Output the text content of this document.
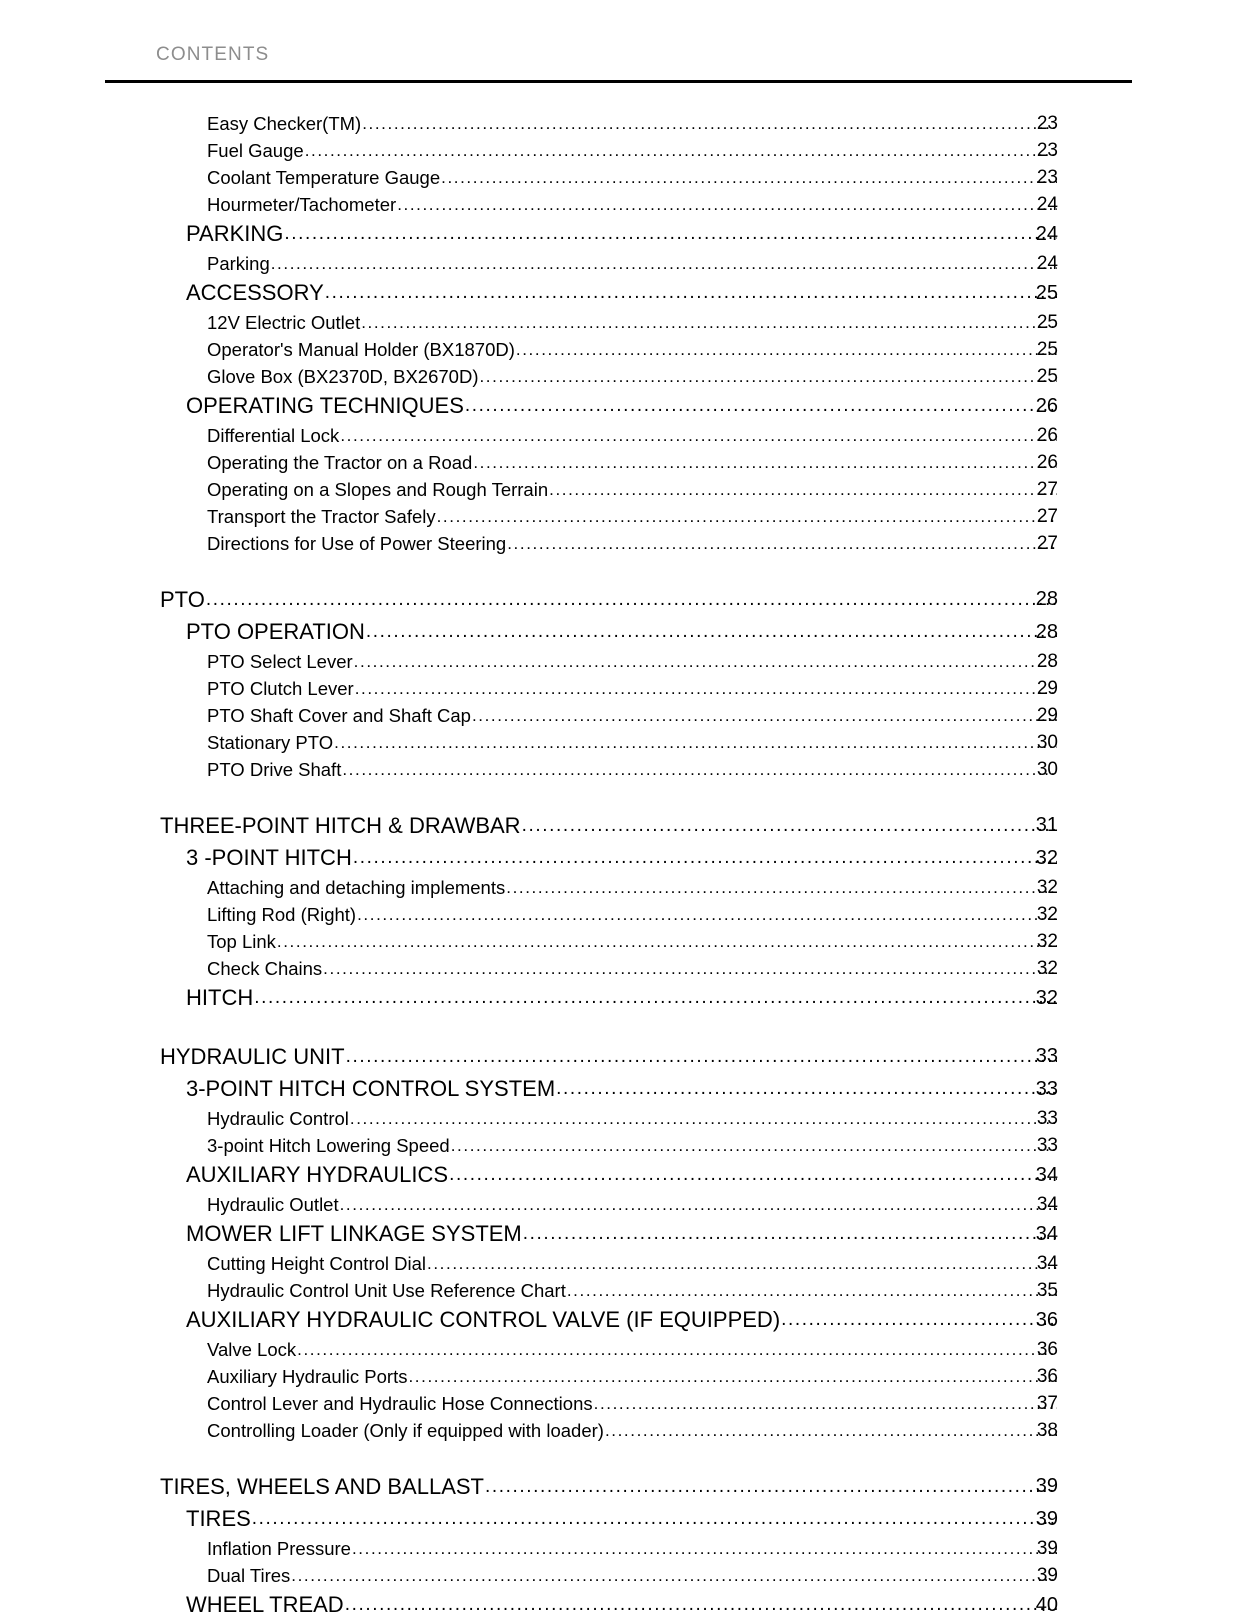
CONTENTS
Easy Checker(TM) .....	23
Fuel Gauge .....	23
Coolant Temperature Gauge .....	23
Hourmeter/Tachometer .....	24
PARKING .....	24
Parking .....	24
ACCESSORY .....	25
12V Electric Outlet .....	25
Operator's Manual Holder (BX1870D) .....	25
Glove Box (BX2370D, BX2670D) .....	25
OPERATING TECHNIQUES .....	26
Differential Lock .....	26
Operating the Tractor on a Road .....	26
Operating on a Slopes and Rough Terrain .....	27
Transport the Tractor Safely .....	27
Directions for Use of Power Steering .....	27
PTO .....	28
PTO OPERATION .....	28
PTO Select Lever .....	28
PTO Clutch Lever .....	29
PTO Shaft Cover and Shaft Cap .....	29
Stationary PTO .....	30
PTO Drive Shaft .....	30
THREE-POINT HITCH & DRAWBAR .....	31
3 -POINT HITCH .....	32
Attaching and detaching implements .....	32
Lifting Rod (Right) .....	32
Top Link .....	32
Check Chains .....	32
HITCH .....	32
HYDRAULIC UNIT .....	33
3-POINT HITCH CONTROL SYSTEM .....	33
Hydraulic Control .....	33
3-point Hitch Lowering Speed .....	33
AUXILIARY HYDRAULICS .....	34
Hydraulic Outlet .....	34
MOWER LIFT LINKAGE SYSTEM .....	34
Cutting Height Control Dial .....	34
Hydraulic Control Unit Use Reference Chart .....	35
AUXILIARY HYDRAULIC CONTROL VALVE (IF EQUIPPED) .....	36
Valve Lock .....	36
Auxiliary Hydraulic Ports .....	36
Control Lever and Hydraulic Hose Connections .....	37
Controlling Loader (Only if equipped with loader) .....	38
TIRES, WHEELS AND BALLAST .....	39
TIRES .....	39
Inflation Pressure .....	39
Dual Tires .....	39
WHEEL TREAD .....	40
